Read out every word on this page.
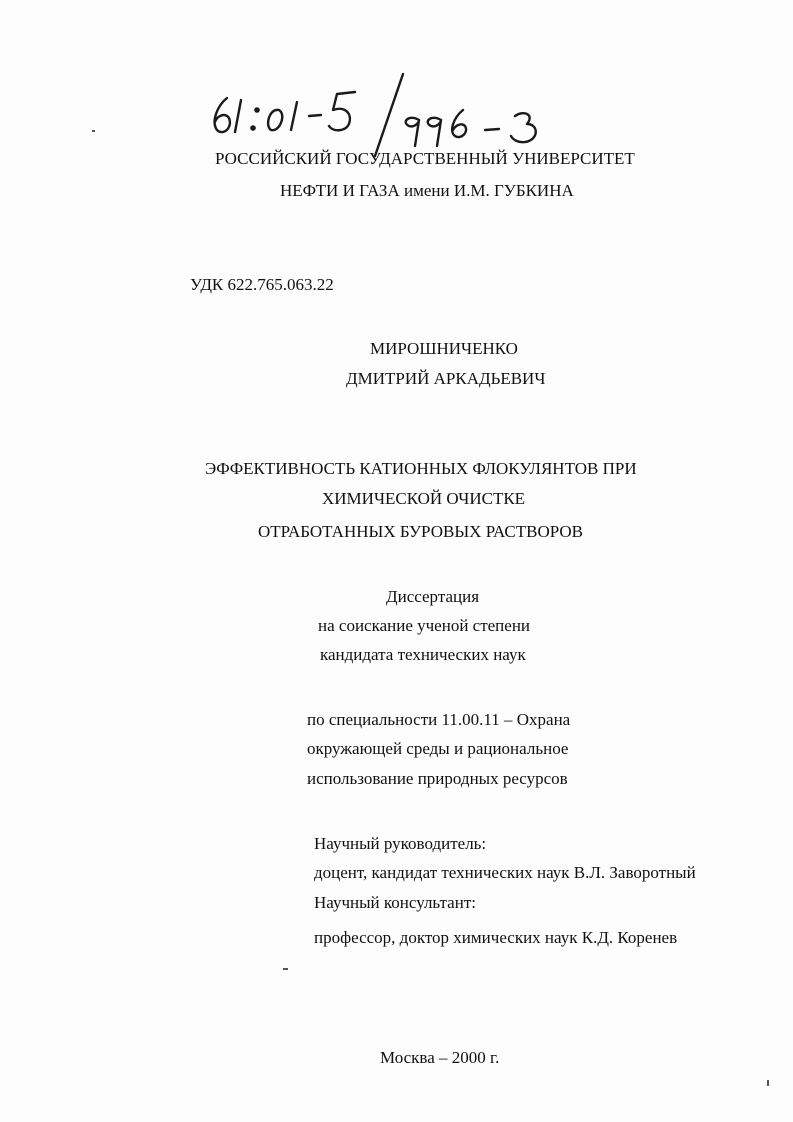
РОССИЙСКИЙ ГОСУДАРСТВЕННЫЙ УНИВЕРСИТЕТ
НЕФТИ И ГАЗА имени И.М. ГУБКИНА
УДК 622.765.063.22
МИРОШНИЧЕНКО
ДМИТРИЙ АРКАДЬЕВИЧ
ЭФФЕКТИВНОСТЬ КАТИОННЫХ ФЛОКУЛЯНТОВ ПРИ
ХИМИЧЕСКОЙ ОЧИСТКЕ
ОТРАБОТАННЫХ БУРОВЫХ РАСТВОРОВ
Диссертация
на соискание ученой степени
кандидата технических наук
по специальности 11.00.11 – Охрана
окружающей среды и рациональное
использование природных ресурсов
Научный руководитель:
доцент, кандидат технических наук В.Л. Заворотный
Научный консультант:
профессор, доктор химических наук К.Д. Коренев
Москва – 2000 г.
